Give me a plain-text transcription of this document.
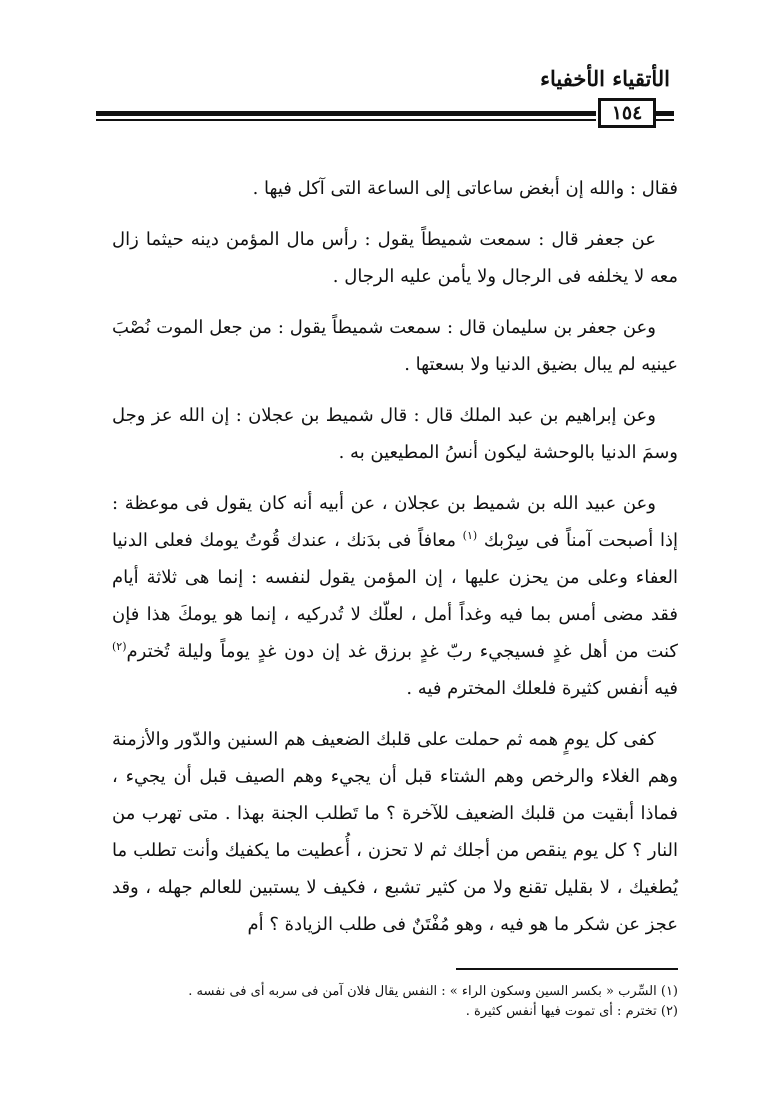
الأتقياء الأخفياء
١٥٤

فقال : والله إن أبغض ساعاتى إلى الساعة التى آكل فيها .

عن جعفر قال : سمعت شميطاً يقول : رأس مال المؤمن دينه حيثما زال معه لا يخلفه فى الرجال ولا يأمن عليه الرجال .

وعن جعفر بن سليمان قال : سمعت شميطاً يقول : من جعل الموت نُصْبَ عينيه لم يبال بضيق الدنيا ولا بسعتها .

وعن إبراهيم بن عبد الملك قال : قال شميط بن عجلان : إن الله عز وجل وسمَ الدنيا بالوحشة ليكون أنسُ المطيعين به .

وعن عبيد الله بن شميط بن عجلان ، عن أبيه أنه كان يقول فى موعظة : إذا أصبحت آمناً فى سِرْبك $^{(١)}$ معافاً فى بدَنك ، عندك قُوتُ يومك فعلى الدنيا العفاء وعلى من يحزن عليها ، إن المؤمن يقول لنفسه : إنما هى ثلاثة أيام فقد مضى أمس بما فيه وغداً أمل ، لعلّك لا تُدركيه ، إنما هو يومكَ هذا فإن كنت من أهل غدٍ فسيجيء ربّ غدٍ برزق غد إن دون غدٍ يوماً وليلة تُخترم$^{(٢)}$ فيه أنفس كثيرة فلعلك المخترم فيه .

كفى كل يومٍ همه ثم حملت على قلبك الضعيف هم السنين والدّور والأزمنة وهم الغلاء والرخص وهم الشتاء قبل أن يجيء وهم الصيف قبل أن يجيء ، فماذا أبقيت من قلبك الضعيف للآخرة ؟ ما تَطلب الجنة بهذا . متى تهرب من النار ؟ كل يوم ينقص من أجلك ثم لا تحزن ، أُعطيت ما يكفيك وأنت تطلب ما يُطغيك ، لا بقليل تقنع ولا من كثير تشبع ، فكيف لا يستبين للعالم جهله ، وقد عجز عن شكر ما هو فيه ، وهو مُفْتَنٌ فى طلب الزيادة ؟ أم

(١) السِّرب « بكسر السين وسكون الراء » : النفس يقال فلان آمن فى سربه أى فى نفسه .
(٢) تخترم : أى تموت فيها أنفس كثيرة .
